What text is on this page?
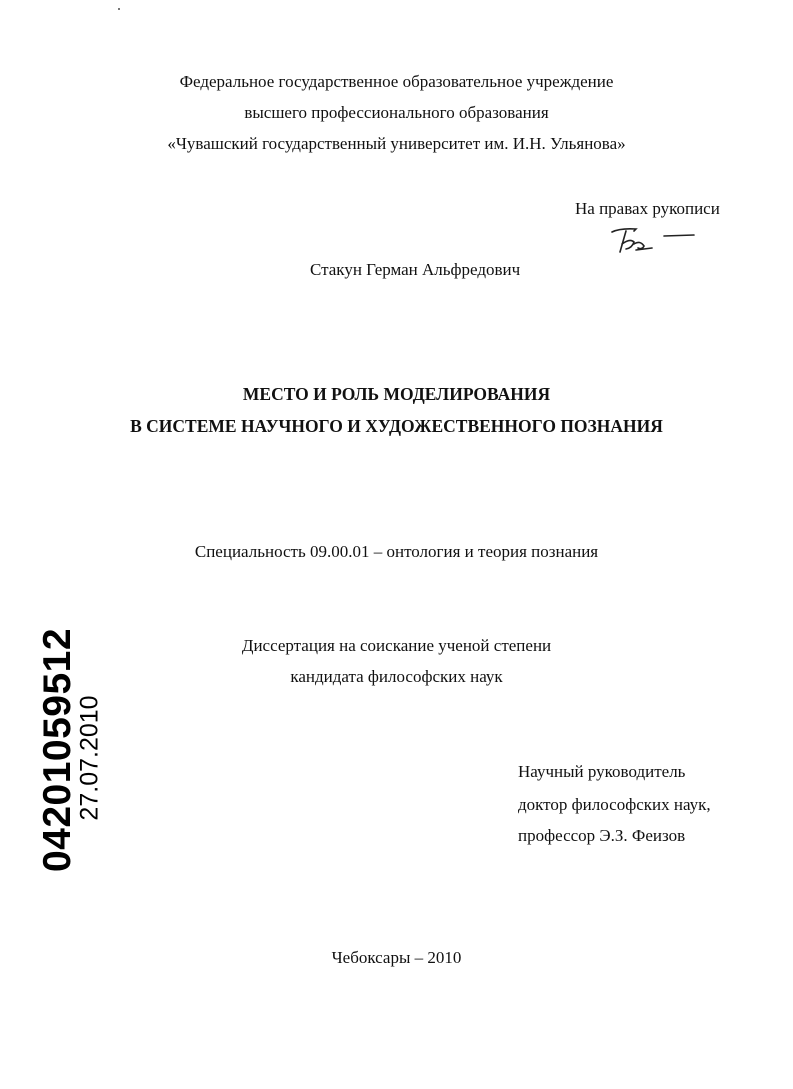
Федеральное государственное образовательное учреждение
высшего профессионального образования
«Чувашский государственный университет им. И.Н. Ульянова»
На правах рукописи
Стакун Герман Альфредович
МЕСТО И РОЛЬ МОДЕЛИРОВАНИЯ
В СИСТЕМЕ НАУЧНОГО И ХУДОЖЕСТВЕННОГО ПОЗНАНИЯ
Специальность 09.00.01 – онтология и теория познания
Диссертация на соискание ученой степени
кандидата философских наук
Научный руководитель
доктор философских наук,
профессор Э.З. Феизов
Чебоксары – 2010
04201059512
27.07.2010
